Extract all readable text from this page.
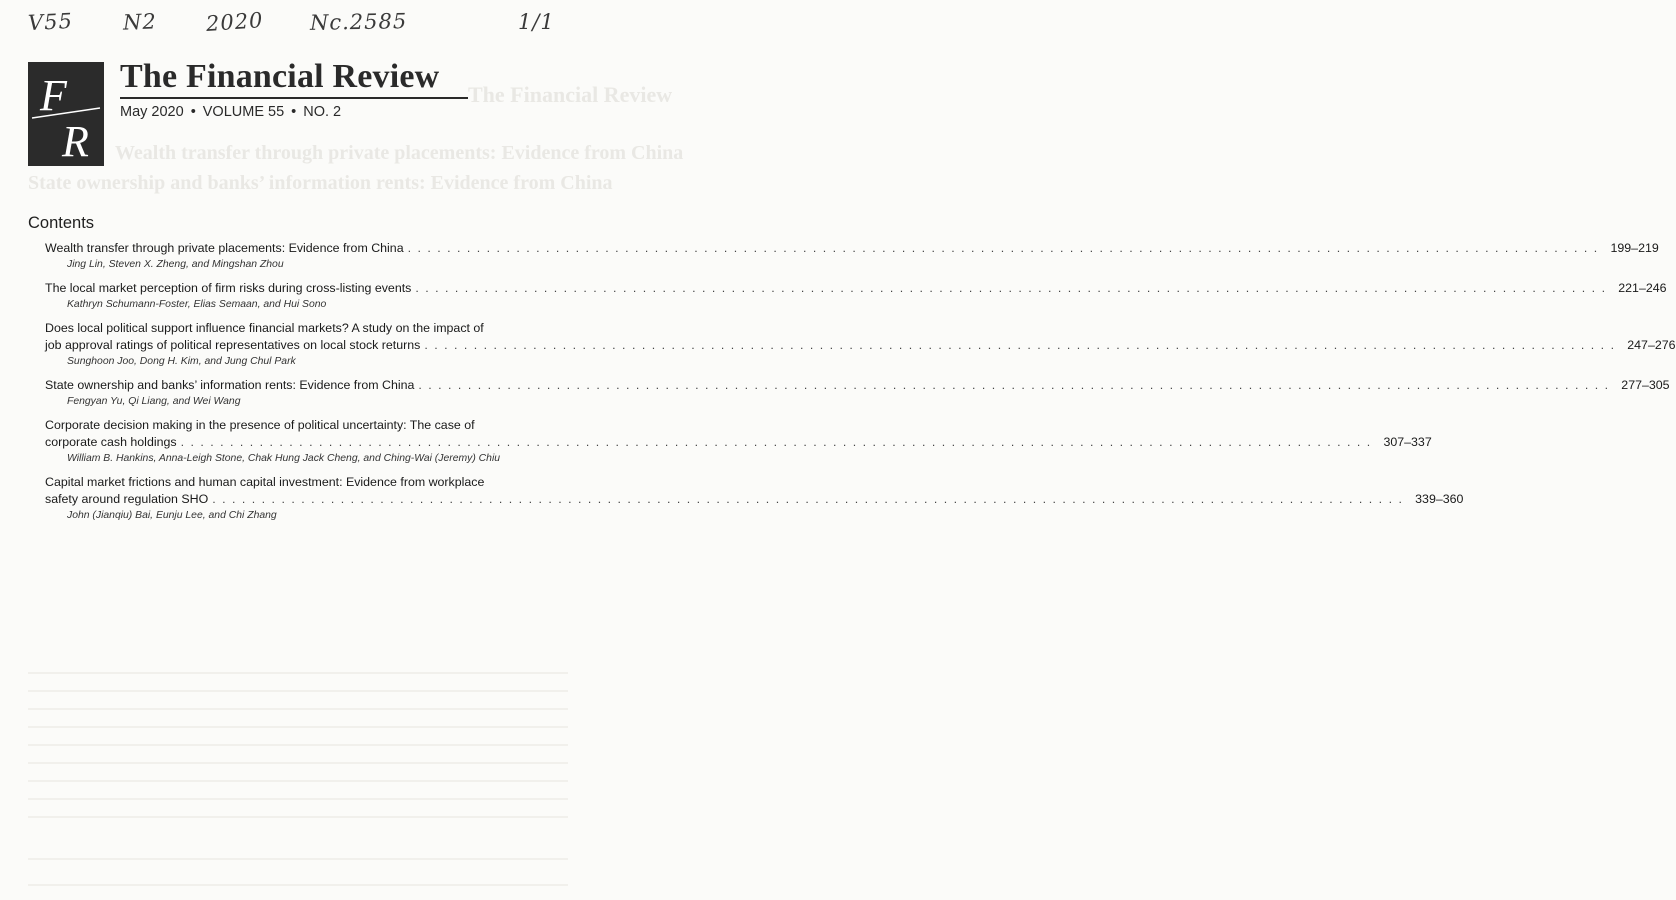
V55 N2 2020 Nc.2585	1/1
F
R
The Financial Review
May 2020 • VOLUME 55 • NO. 2
The Financial Review
Wealth transfer through private placements: Evidence from China
State ownership and banks’ information rents: Evidence from China
Contents
Wealth transfer through private placements: Evidence from China . . .	199–219
Jing Lin, Steven X. Zheng, and Mingshan Zhou
The local market perception of firm risks during cross-listing events . . .	221–246
Kathryn Schumann-Foster, Elias Semaan, and Hui Sono
Does local political support influence financial markets? A study on the impact of
job approval ratings of political representatives on local stock returns . . .	247–276
Sunghoon Joo, Dong H. Kim, and Jung Chul Park
State ownership and banks’ information rents: Evidence from China . . .	277–305
Fengyan Yu, Qi Liang, and Wei Wang
Corporate decision making in the presence of political uncertainty: The case of
corporate cash holdings . . .	307–337
William B. Hankins, Anna-Leigh Stone, Chak Hung Jack Cheng, and Ching-Wai (Jeremy) Chiu
Capital market frictions and human capital investment: Evidence from workplace
safety around regulation SHO . . .	339–360
John (Jianqiu) Bai, Eunju Lee, and Chi Zhang
